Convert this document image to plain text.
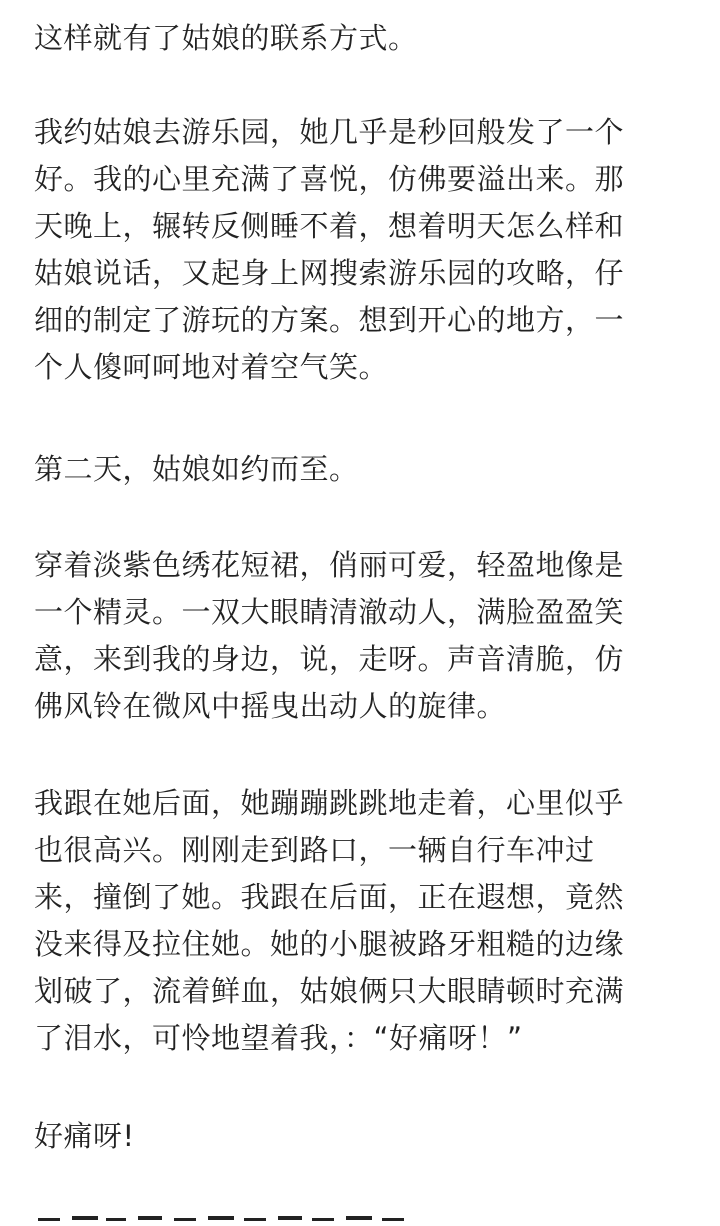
这样就有了姑娘的联系方式。
我约姑娘去游乐园，她几乎是秒回般发了一个
好。我的心里充满了喜悦，仿佛要溢出来。那
天晚上，辗转反侧睡不着，想着明天怎么样和
姑娘说话，又起身上网搜索游乐园的攻略，仔
细的制定了游玩的方案。想到开心的地方，一
个人傻呵呵地对着空气笑。
第二天，姑娘如约而至。
穿着淡紫色绣花短裙，俏丽可爱，轻盈地像是
一个精灵。一双大眼睛清澈动人，满脸盈盈笑
意，来到我的身边，说，走呀。声音清脆，仿
佛风铃在微风中摇曳出动人的旋律。
我跟在她后面，她蹦蹦跳跳地走着，心里似乎
也很高兴。刚刚走到路口，一辆自行车冲过
来，撞倒了她。我跟在后面，正在遐想，竟然
没来得及拉住她。她的小腿被路牙粗糙的边缘
划破了，流着鲜血，姑娘俩只大眼睛顿时充满
了泪水，可怜地望着我，：“好痛呀！”
好痛呀!
